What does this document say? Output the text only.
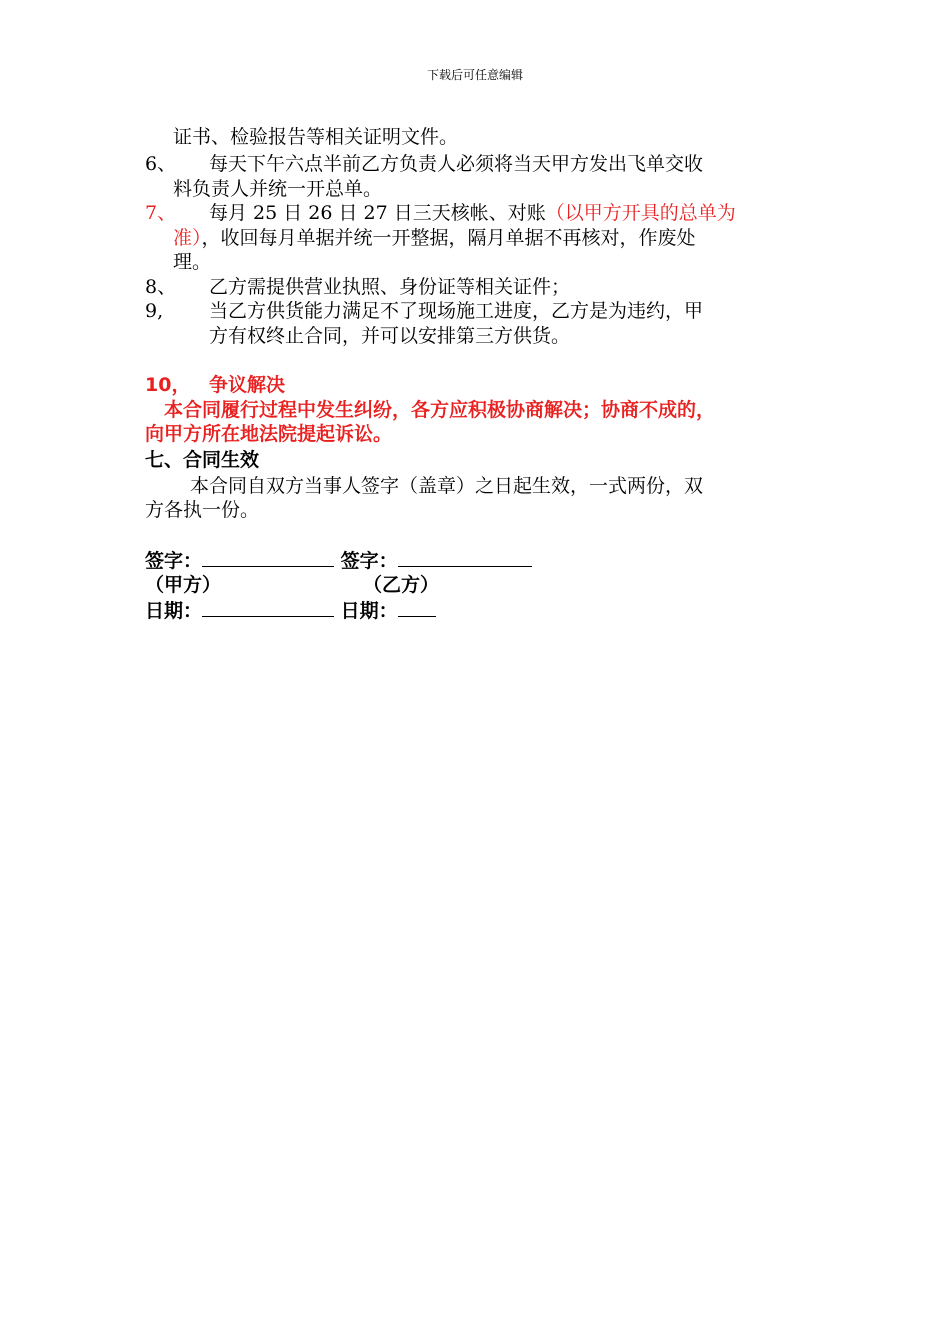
下载后可任意编辑
证书、检验报告等相关证明文件。
6、 每天下午六点半前乙方负责人必须将当天甲方发出飞单交收
料负责人并统一开总单。
7、 每月 25 日 26 日 27 日三天核帐、对账（以甲方开具的总单为
准），收回每月单据并统一开整据，隔月单据不再核对，作废处
理。
8、 乙方需提供营业执照、身份证等相关证件；
9, 当乙方供货能力满足不了现场施工进度，乙方是为违约，甲
方有权终止合同，并可以安排第三方供货。
10， 争议解决
本合同履行过程中发生纠纷，各方应积极协商解决；协商不成的，
向甲方所在地法院提起诉讼。
七、合同生效
本合同自双方当事人签字（盖章）之日起生效，一式两份，双
方各执一份。
签字：	签字：
（甲方）	（乙方）
日期：	日期：
